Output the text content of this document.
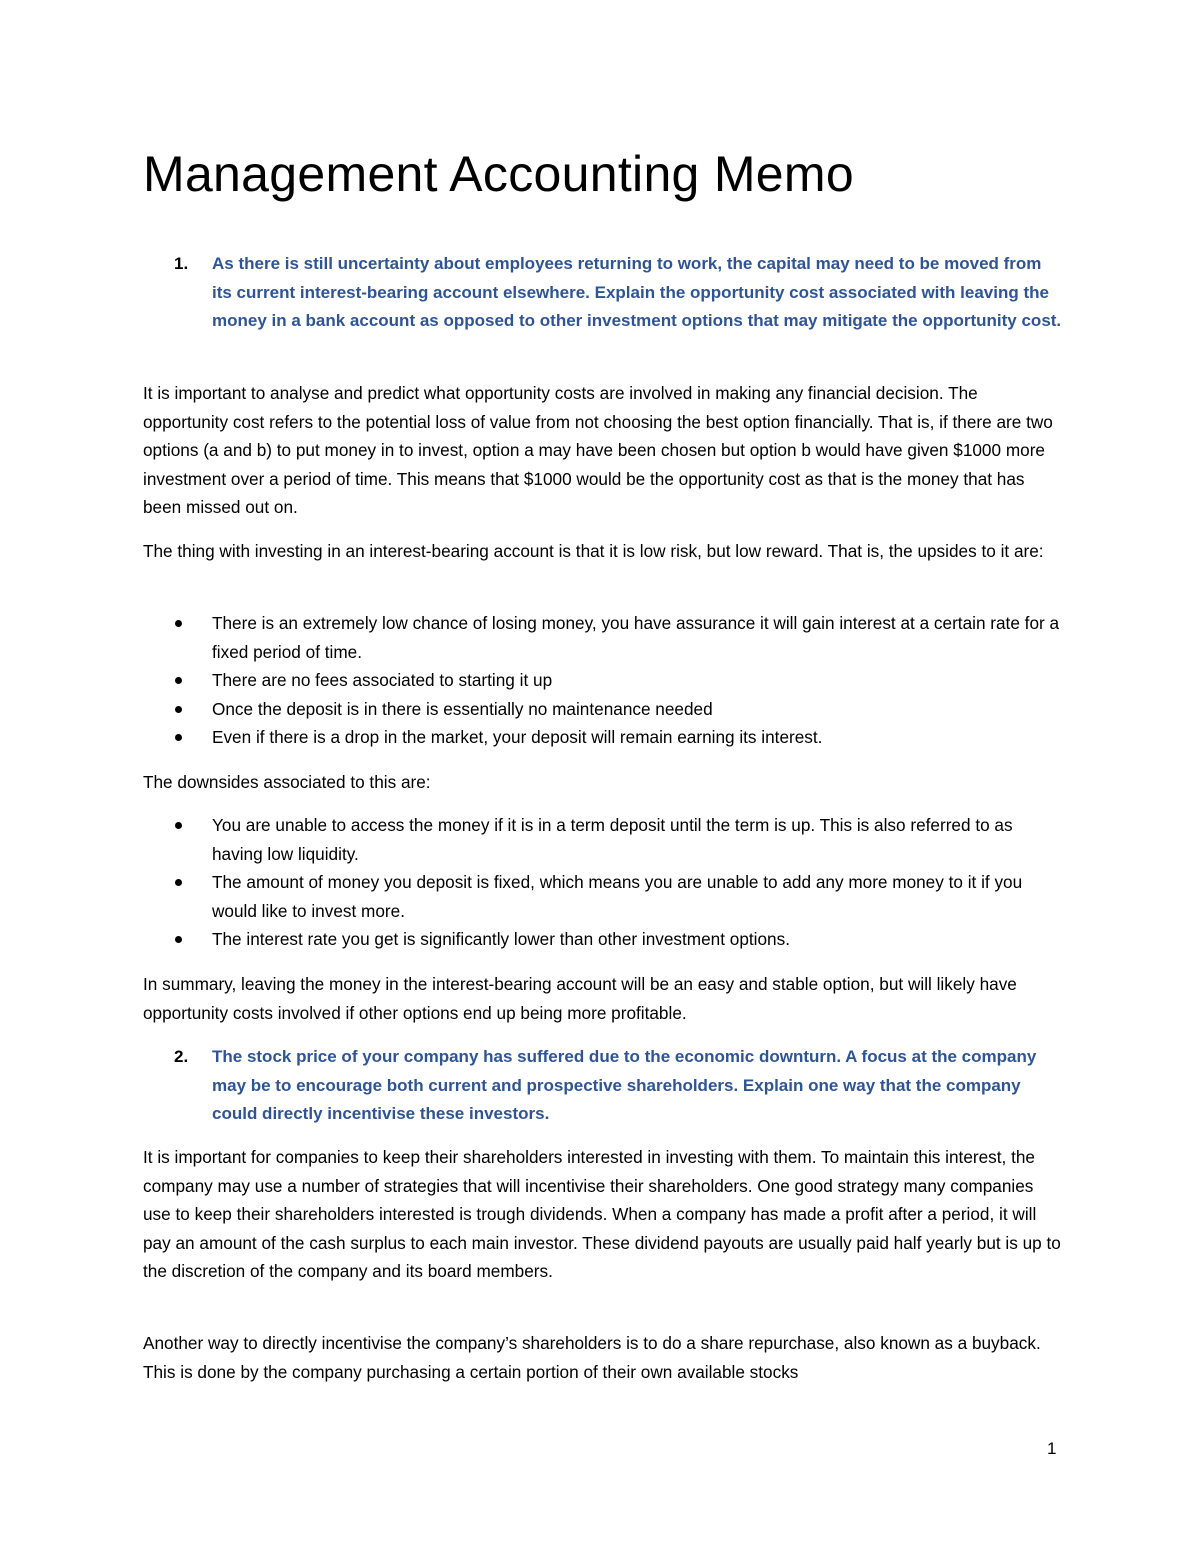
Management Accounting Memo
1. As there is still uncertainty about employees returning to work, the capital may need to be moved from its current interest-bearing account elsewhere. Explain the opportunity cost associated with leaving the money in a bank account as opposed to other investment options that may mitigate the opportunity cost.

It is important to analyse and predict what opportunity costs are involved in making any financial decision. The opportunity cost refers to the potential loss of value from not choosing the best option financially. That is, if there are two options (a and b) to put money in to invest, option a may have been chosen but option b would have given $1000 more investment over a period of time. This means that $1000 would be the opportunity cost as that is the money that has been missed out on.

The thing with investing in an interest-bearing account is that it is low risk, but low reward. That is, the upsides to it are:

There is an extremely low chance of losing money, you have assurance it will gain interest at a certain rate for a fixed period of time.
There are no fees associated to starting it up
Once the deposit is in there is essentially no maintenance needed
Even if there is a drop in the market, your deposit will remain earning its interest.

The downsides associated to this are:

You are unable to access the money if it is in a term deposit until the term is up. This is also referred to as having low liquidity.
The amount of money you deposit is fixed, which means you are unable to add any more money to it if you would like to invest more.
The interest rate you get is significantly lower than other investment options.

In summary, leaving the money in the interest-bearing account will be an easy and stable option, but will likely have opportunity costs involved if other options end up being more profitable.

2. The stock price of your company has suffered due to the economic downturn. A focus at the company may be to encourage both current and prospective shareholders. Explain one way that the company could directly incentivise these investors.

It is important for companies to keep their shareholders interested in investing with them. To maintain this interest, the company may use a number of strategies that will incentivise their shareholders. One good strategy many companies use to keep their shareholders interested is trough dividends. When a company has made a profit after a period, it will pay an amount of the cash surplus to each main investor. These dividend payouts are usually paid half yearly but is up to the discretion of the company and its board members.

Another way to directly incentivise the company’s shareholders is to do a share repurchase, also known as a buyback. This is done by the company purchasing a certain portion of their own available stocks

1
